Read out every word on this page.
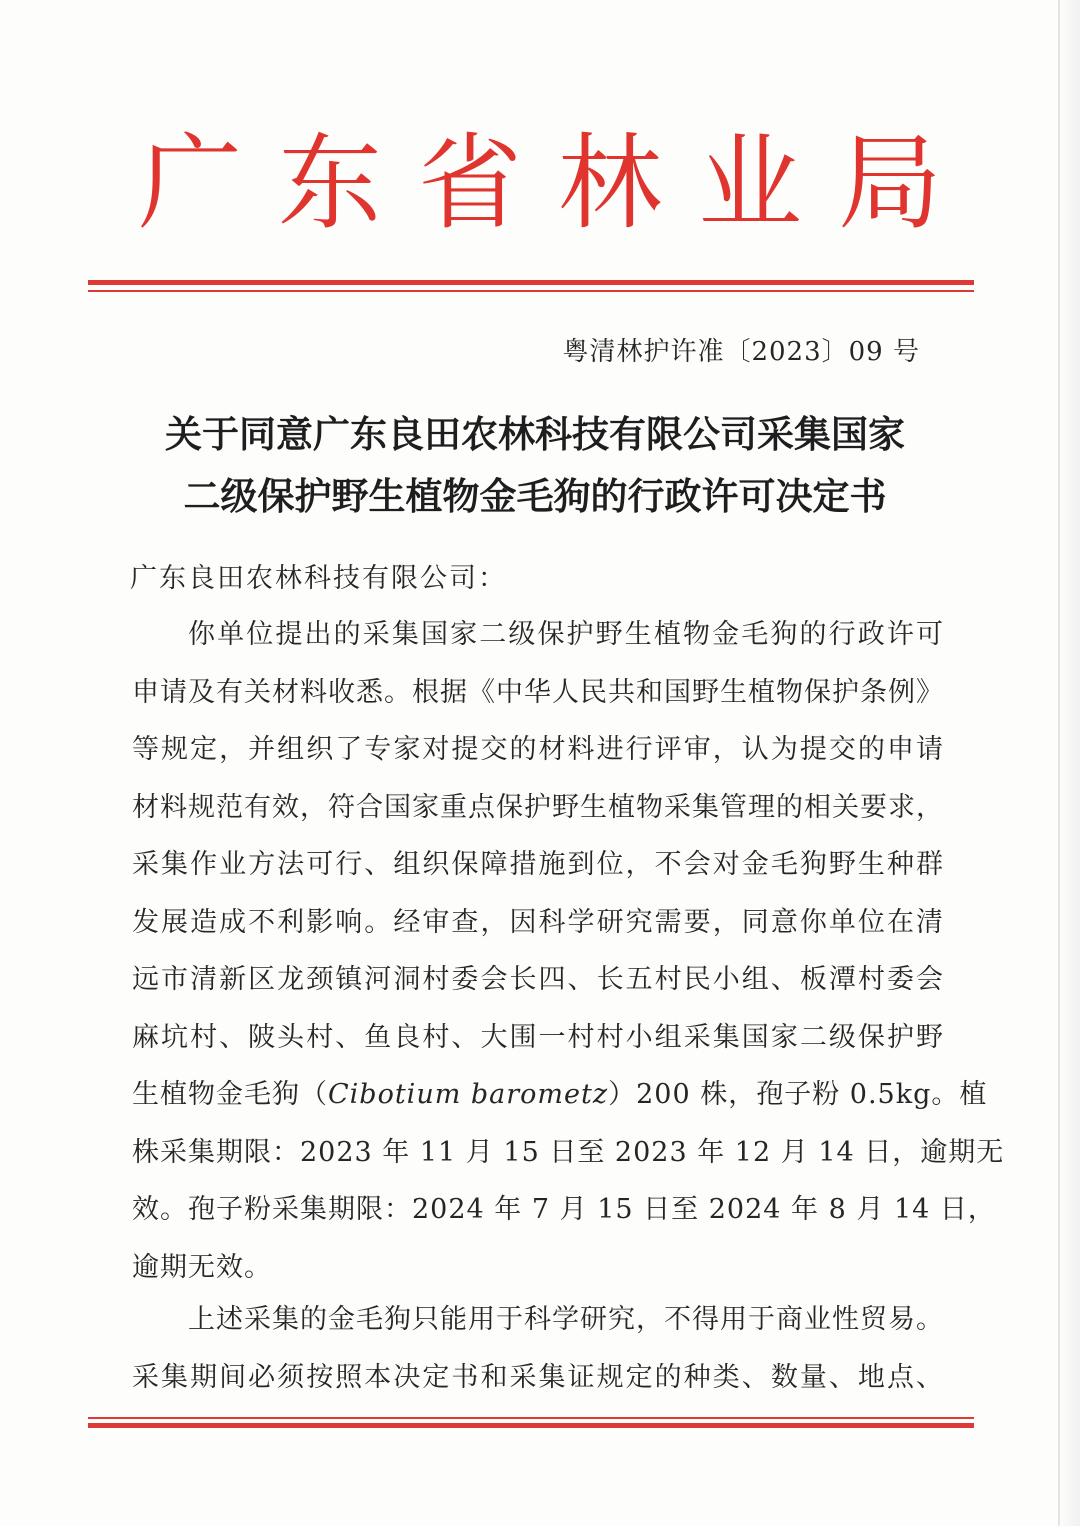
广 东 省 林 业 局
粤清林护许准〔2023〕09 号
关于同意广东良田农林科技有限公司采集国家
二级保护野生植物金毛狗的行政许可决定书
广东良田农林科技有限公司：
你单位提出的采集国家二级保护野生植物金毛狗的行政许可
申请及有关材料收悉。根据《中华人民共和国野生植物保护条例》
等规定，并组织了专家对提交的材料进行评审，认为提交的申请
材料规范有效，符合国家重点保护野生植物采集管理的相关要求，
采集作业方法可行、组织保障措施到位，不会对金毛狗野生种群
发展造成不利影响。经审查，因科学研究需要，同意你单位在清
远市清新区龙颈镇河洞村委会长四、长五村民小组、板潭村委会
麻坑村、陂头村、鱼良村、大围一村村小组采集国家二级保护野
生植物金毛狗（Cibotium barometz）200 株，孢子粉 0.5kg。植
株采集期限：2023 年 11 月 15 日至 2023 年 12 月 14 日，逾期无
效。孢子粉采集期限：2024 年 7 月 15 日至 2024 年 8 月 14 日，
逾期无效。
上述采集的金毛狗只能用于科学研究，不得用于商业性贸易。
采集期间必须按照本决定书和采集证规定的种类、数量、地点、
